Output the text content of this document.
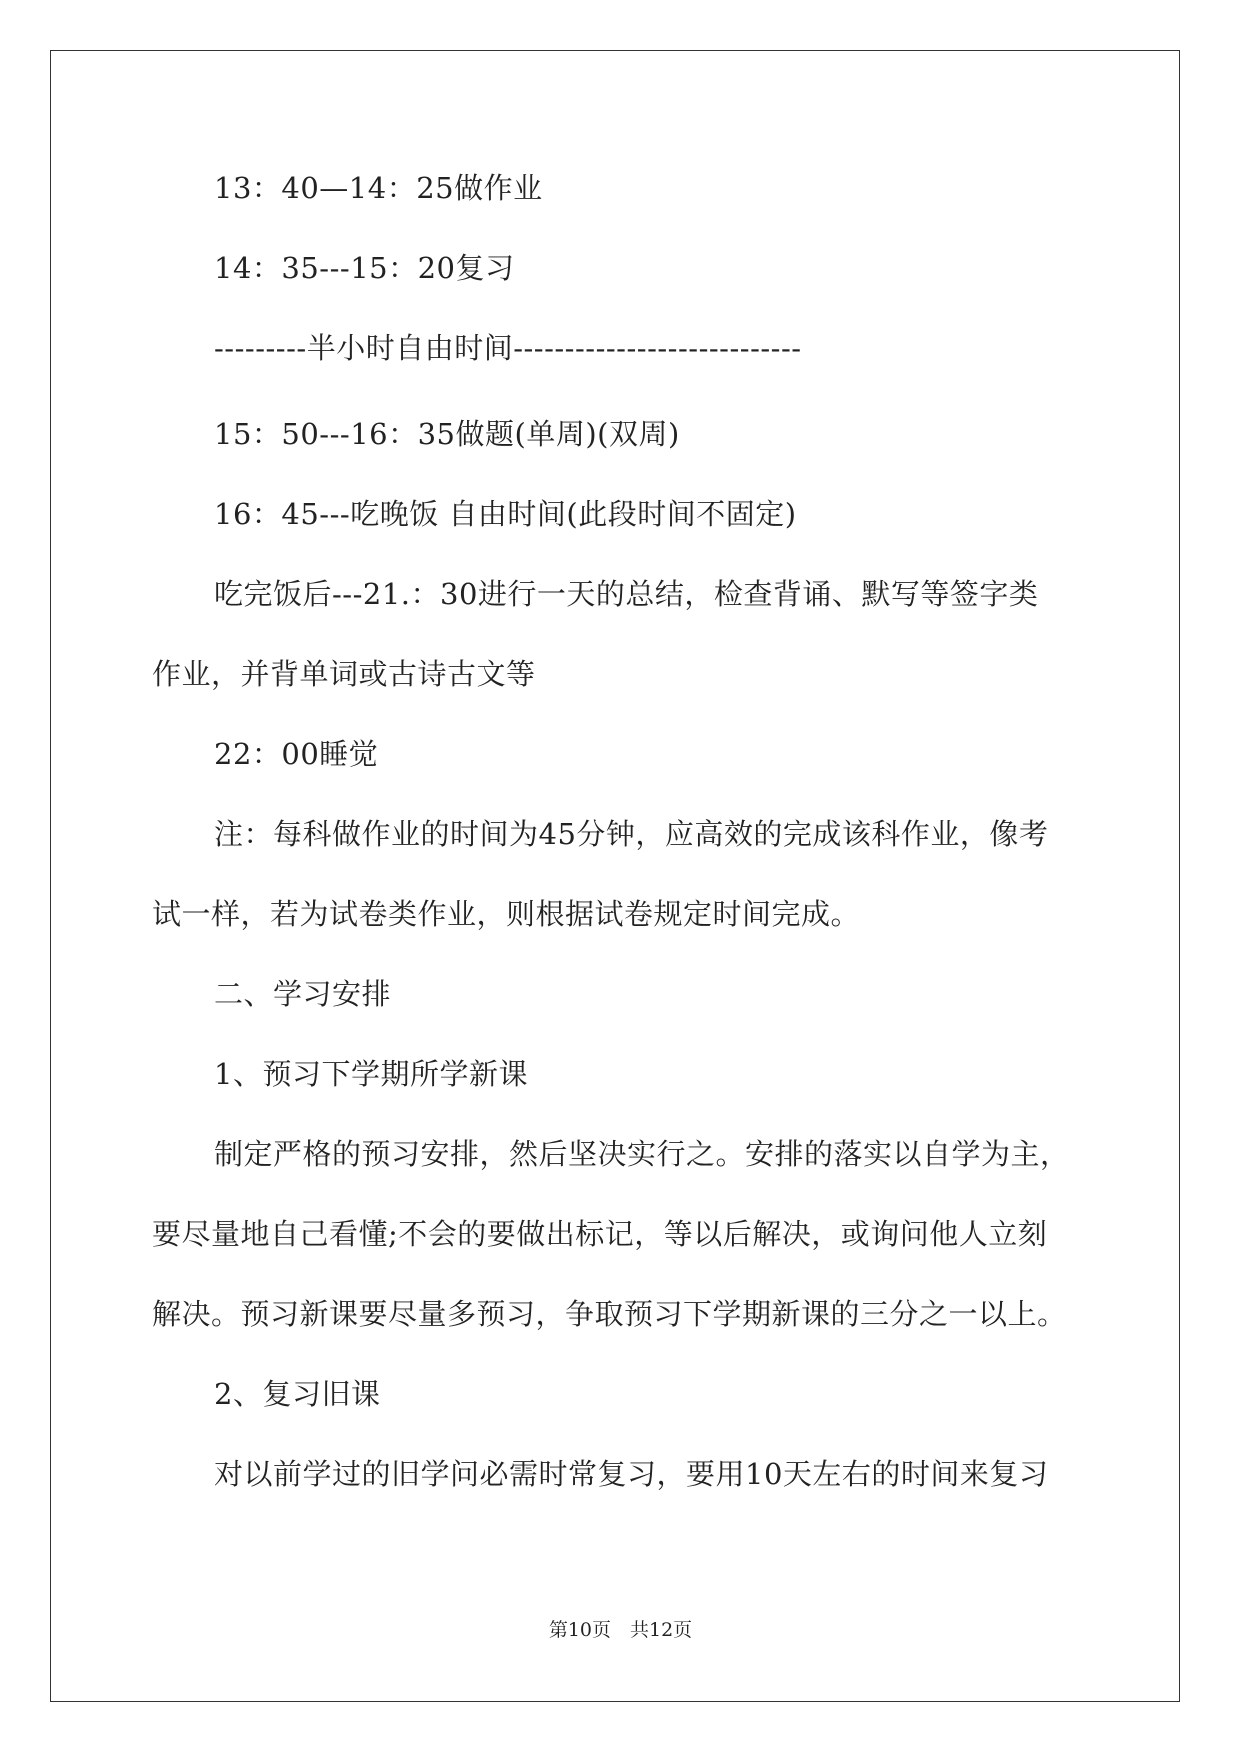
13：40—14：25做作业
14：35---15：20复习
---------半小时自由时间----------------------------
15：50---16：35做题(单周)(双周)
16：45---吃晚饭 自由时间(此段时间不固定)
吃完饭后---21.：30进行一天的总结，检查背诵、默写等签字类
作业，并背单词或古诗古文等
22：00睡觉
注：每科做作业的时间为45分钟，应高效的完成该科作业，像考
试一样，若为试卷类作业，则根据试卷规定时间完成。
二、学习安排
1、预习下学期所学新课
制定严格的预习安排，然后坚决实行之。安排的落实以自学为主，
要尽量地自己看懂;不会的要做出标记，等以后解决，或询问他人立刻
解决。预习新课要尽量多预习，争取预习下学期新课的三分之一以上。
2、复习旧课
对以前学过的旧学问必需时常复习，要用10天左右的时间来复习
第10页　共12页
